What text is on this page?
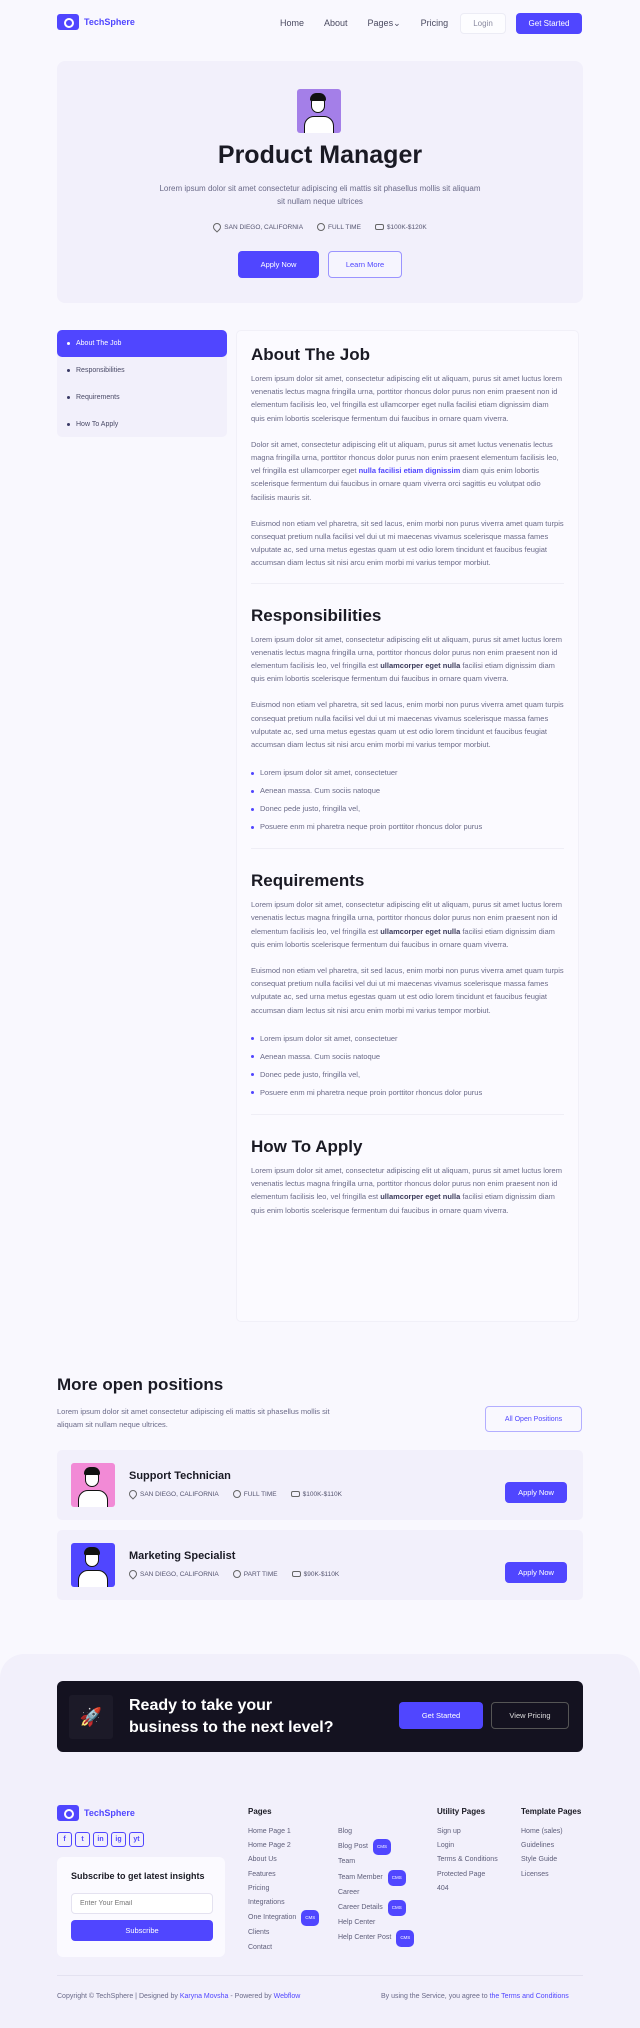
TechSphere	Home About Pages⌄ Pricing	Login	Get Started
Product Manager
Lorem ipsum dolor sit amet consectetur adipiscing eli mattis sit phasellus mollis sit aliquam sit nullam neque ultrices
SAN DIEGO, CALIFORNIA	FULL TIME	$100K-$120K
Apply Now	Learn More
About The Job
Responsibilities
Requirements
How To Apply
About The Job

Lorem ipsum dolor sit amet, consectetur adipiscing elit ut aliquam, purus sit amet luctus lorem venenatis lectus magna fringilla urna, porttitor rhoncus dolor purus non enim praesent non id elementum facilisis leo, vel fringilla est ullamcorper eget nulla facilisi etiam dignissim diam quis enim lobortis scelerisque fermentum dui faucibus in ornare quam viverra.

Dolor sit amet, consectetur adipiscing elit ut aliquam, purus sit amet luctus venenatis lectus magna fringilla urna, porttitor rhoncus dolor purus non enim praesent elementum facilisis leo, vel fringilla est ullamcorper eget nulla facilisi etiam dignissim diam quis enim lobortis scelerisque fermentum dui faucibus in ornare quam viverra orci sagittis eu volutpat odio facilisis mauris sit.

Euismod non etiam vel pharetra, sit sed lacus, enim morbi non purus viverra amet quam turpis consequat pretium nulla facilisi vel dui ut mi maecenas vivamus scelerisque massa fames vulputate ac, sed urna metus egestas quam ut est odio lorem tincidunt et faucibus feugiat accumsan diam lectus sit nisi arcu enim morbi mi varius tempor morbiut.

Responsibilities

Lorem ipsum dolor sit amet, consectetur adipiscing elit ut aliquam, purus sit amet luctus lorem venenatis lectus magna fringilla urna, porttitor rhoncus dolor purus non enim praesent non id elementum facilisis leo, vel fringilla est ullamcorper eget nulla facilisi etiam dignissim diam quis enim lobortis scelerisque fermentum dui faucibus in ornare quam viverra.

Euismod non etiam vel pharetra, sit sed lacus, enim morbi non purus viverra amet quam turpis consequat pretium nulla facilisi vel dui ut mi maecenas vivamus scelerisque massa fames vulputate ac, sed urna metus egestas quam ut est odio lorem tincidunt et faucibus feugiat accumsan diam lectus sit nisi arcu enim morbi mi varius tempor morbiut.

Lorem ipsum dolor sit amet, consectetuer
Aenean massa. Cum sociis natoque
Donec pede justo, fringilla vel,
Posuere enm mi pharetra neque proin porttitor rhoncus dolor purus
Requirements

Lorem ipsum dolor sit amet, consectetur adipiscing elit ut aliquam, purus sit amet luctus lorem venenatis lectus magna fringilla urna, porttitor rhoncus dolor purus non enim praesent non id elementum facilisis leo, vel fringilla est ullamcorper eget nulla facilisi etiam dignissim diam quis enim lobortis scelerisque fermentum dui faucibus in ornare quam viverra.

Euismod non etiam vel pharetra, sit sed lacus, enim morbi non purus viverra amet quam turpis consequat pretium nulla facilisi vel dui ut mi maecenas vivamus scelerisque massa fames vulputate ac, sed urna metus egestas quam ut est odio lorem tincidunt et faucibus feugiat accumsan diam lectus sit nisi arcu enim morbi mi varius tempor morbiut.

Lorem ipsum dolor sit amet, consectetuer
Aenean massa. Cum sociis natoque
Donec pede justo, fringilla vel,
Posuere enm mi pharetra neque proin porttitor rhoncus dolor purus
How To Apply

Lorem ipsum dolor sit amet, consectetur adipiscing elit ut aliquam, purus sit amet luctus lorem venenatis lectus magna fringilla urna, porttitor rhoncus dolor purus non enim praesent non id elementum facilisis leo, vel fringilla est ullamcorper eget nulla facilisi etiam dignissim diam quis enim lobortis scelerisque fermentum dui faucibus in ornare quam viverra.

More open positions
Lorem ipsum dolor sit amet consectetur adipiscing eli mattis sit phasellus mollis sit aliquam sit nullam neque ultrices.
All Open Positions
Support Technician
SAN DIEGO, CALIFORNIA	FULL TIME	$100K-$110K	Apply Now
Marketing Specialist
SAN DIEGO, CALIFORNIA	PART TIME	$90K-$110K	Apply Now
🚀
Ready to take your
business to the next level?
Get Started	View Pricing
TechSphere
f	t	in	ig	yt
Subscribe to get latest insights
Enter Your Email
Subscribe
Pages
Home Page 1
Home Page 2
About Us
Features
Pricing
Integrations
One Integration	CMS
Clients
Contact
Blog
Blog Post	CMS
Team
Team Member	CMS
Career
Career Details	CMS
Help Center
Help Center Post	CMS
Utility Pages
Sign up
Login
Terms & Conditions
Protected Page
404
Template Pages
Home (sales)
Guidelines
Style Guide
Licenses
Copyright © TechSphere | Designed by Karyna Movsha - Powered by Webflow	By using the Service, you agree to the Terms and Conditions
